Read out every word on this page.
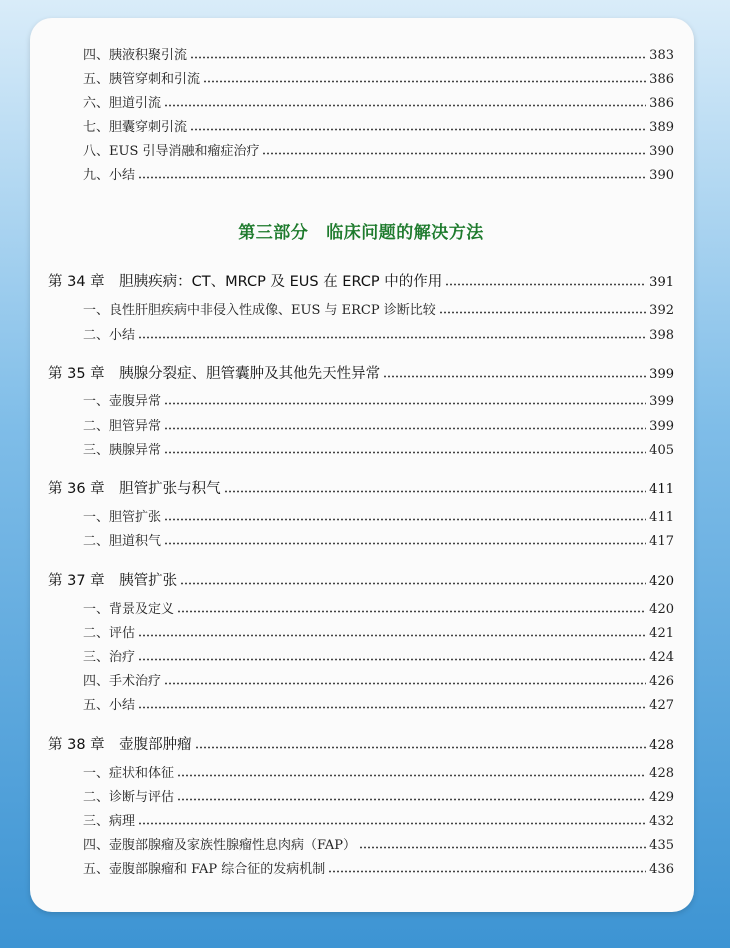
四、胰液积聚引流	383
五、胰管穿刺和引流	386
六、胆道引流	386
七、胆囊穿刺引流	389
八、EUS 引导消融和瘤症治疗	390
九、小结	390
第三部分 临床问题的解决方法
第 34 章　胆胰疾病：CT、MRCP 及 EUS 在 ERCP 中的作用	391
一、良性肝胆疾病中非侵入性成像、EUS 与 ERCP 诊断比较	392
二、小结	398
第 35 章　胰腺分裂症、胆管囊肿及其他先天性异常	399
一、壶腹异常	399
二、胆管异常	399
三、胰腺异常	405
第 36 章　胆管扩张与积气	411
一、胆管扩张	411
二、胆道积气	417
第 37 章　胰管扩张	420
一、背景及定义	420
二、评估	421
三、治疗	424
四、手术治疗	426
五、小结	427
第 38 章　壶腹部肿瘤	428
一、症状和体征	428
二、诊断与评估	429
三、病理	432
四、壶腹部腺瘤及家族性腺瘤性息肉病（FAP）	435
五、壶腹部腺瘤和 FAP 综合征的发病机制	436
